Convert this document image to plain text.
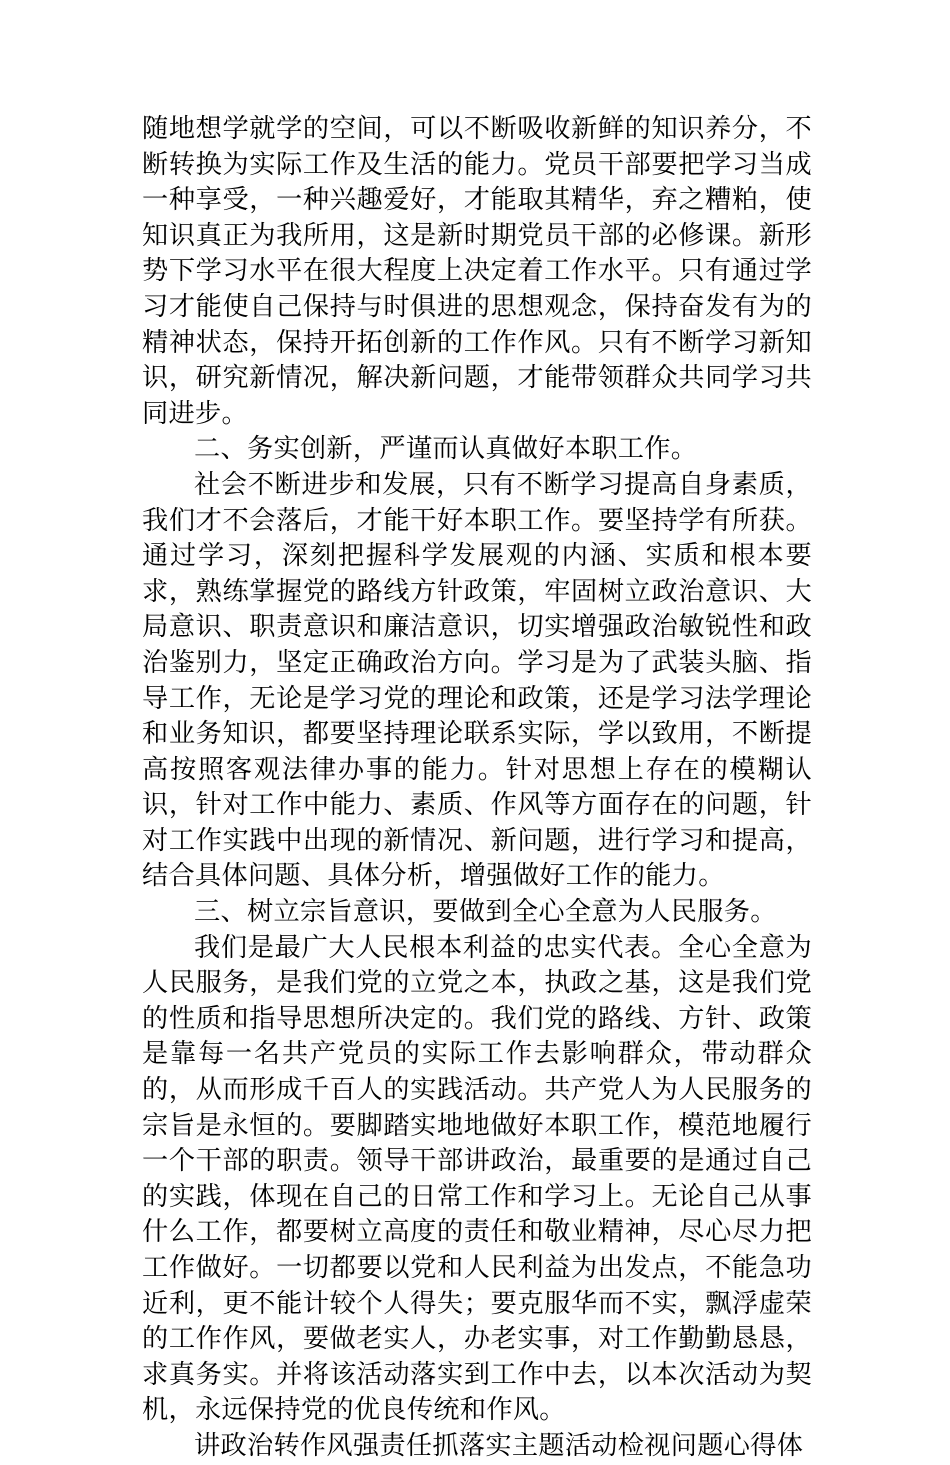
随地想学就学的空间，可以不断吸收新鲜的知识养分，不断转换为实际工作及生活的能力。党员干部要把学习当成一种享受，一种兴趣爱好，才能取其精华，弃之糟粕，使知识真正为我所用，这是新时期党员干部的必修课。新形势下学习水平在很大程度上决定着工作水平。只有通过学习才能使自己保持与时俱进的思想观念，保持奋发有为的精神状态，保持开拓创新的工作作风。只有不断学习新知识，研究新情况，解决新问题，才能带领群众共同学习共同进步。

二、务实创新，严谨而认真做好本职工作。

社会不断进步和发展，只有不断学习提高自身素质，我们才不会落后，才能干好本职工作。要坚持学有所获。通过学习，深刻把握科学发展观的内涵、实质和根本要求，熟练掌握党的路线方针政策，牢固树立政治意识、大局意识、职责意识和廉洁意识，切实增强政治敏锐性和政治鉴别力，坚定正确政治方向。学习是为了武装头脑、指导工作，无论是学习党的理论和政策，还是学习法学理论和业务知识，都要坚持理论联系实际，学以致用，不断提高按照客观法律办事的能力。针对思想上存在的模糊认识，针对工作中能力、素质、作风等方面存在的问题，针对工作实践中出现的新情况、新问题，进行学习和提高，结合具体问题、具体分析，增强做好工作的能力。

三、树立宗旨意识，要做到全心全意为人民服务。

我们是最广大人民根本利益的忠实代表。全心全意为人民服务，是我们党的立党之本，执政之基，这是我们党的性质和指导思想所决定的。我们党的路线、方针、政策是靠每一名共产党员的实际工作去影响群众，带动群众的，从而形成千百人的实践活动。共产党人为人民服务的宗旨是永恒的。要脚踏实地地做好本职工作，模范地履行一个干部的职责。领导干部讲政治，最重要的是通过自己的实践，体现在自己的日常工作和学习上。无论自己从事什么工作，都要树立高度的责任和敬业精神，尽心尽力把工作做好。一切都要以党和人民利益为出发点，不能急功近利，更不能计较个人得失；要克服华而不实，飘浮虚荣的工作作风，要做老实人，办老实事，对工作勤勤恳恳，求真务实。并将该活动落实到工作中去，以本次活动为契机，永远保持党的优良传统和作风。

讲政治转作风强责任抓落实主题活动检视问题心得体
